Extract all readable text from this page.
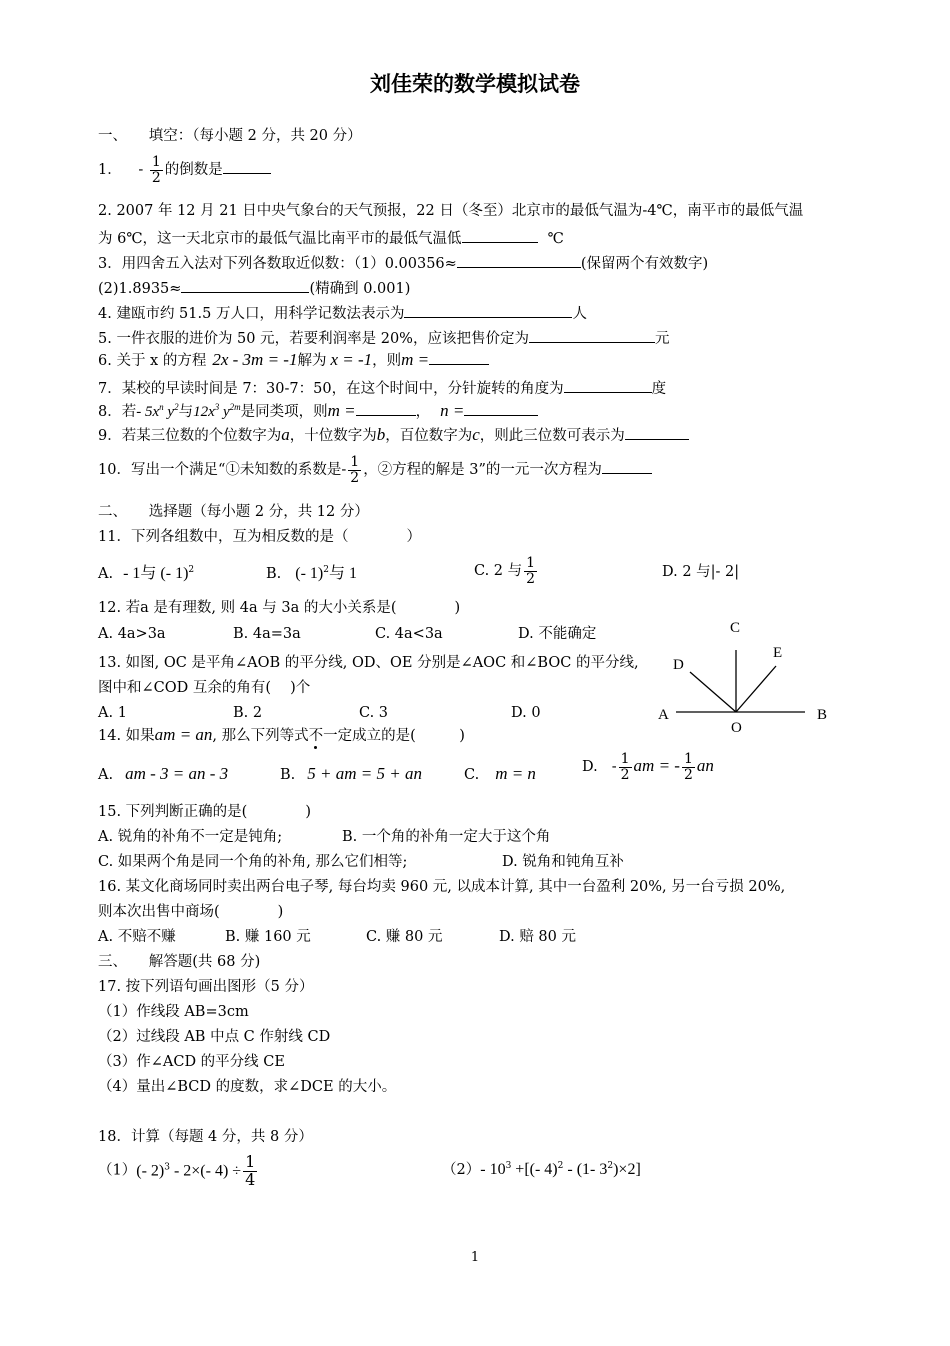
刘佳荣的数学模拟试卷
一、　　填空：（每小题 2 分，共 20 分）
1． - $\frac{1}{2}$ 的倒数是
2. 2007 年 12 月 21 日中央气象台的天气预报，22 日（冬至）北京市的最低气温为-4℃，南平市的最低气温
为 6℃，这一天北京市的最低气温比南平市的最低气温低	℃
3．用四舍五入法对下列各数取近似数：（1）0.00356≈	(保留两个有效数字)
(2)1.8935≈	(精确到 0.001)
4. 建瓯市约 51.5 万人口，用科学记数法表示为	人
5. 一件衣服的进价为 50 元，若要利润率是 20%，应该把售价定为	元
6. 关于 x 的方程 2x - 3m = -1解为 x = -1，则m =
7．某校的早读时间是 7：30-7：50，在这个时间中，分针旋转的角度为	度
8．若- $5x^n$ $y^2$与$12x^3$ $y^{2m}$是同类项，则m =	， n =
9．若某三位数的个位数字为a，十位数字为b，百位数字为c，则此三位数可表示为
10．写出一个满足“①未知数的系数是- $\frac{1}{2}$ ，②方程的解是 3”的一元一次方程为
二、　　选择题（每小题 2 分，共 12 分）
11．下列各组数中，互为相反数的是（　　　　）
A. - 1与 (- 1)$^2$	B. (- 1)$^2$与 1	C. 2 与 $\frac{1}{2}$	D. 2 与|- 2|
12. 若a 是有理数, 则 4a 与 3a 的大小关系是(　　　　)
A. 4a>3a	B. 4a=3a	C. 4a<3a	D. 不能确定
13. 如图, OC 是平角∠AOB 的平分线, OD、OE 分别是∠AOC 和∠BOC 的平分线,
图中和∠COD 互余的角有(　 )个
A. 1	B. 2	C. 3	D. 0
C
D
E
A	B
O
14. 如果am = an, 那么下列等式不一定成立的是(　　　)
A. am - 3 = an - 3	B. 5 + am = 5 + an	C. m = n	D. - $\frac{1}{2}$ am = - $\frac{1}{2}$ an
15. 下列判断正确的是(　　　　)
A. 锐角的补角不一定是钝角;	B. 一个角的补角一定大于这个角
C. 如果两个角是同一个角的补角, 那么它们相等;	D. 锐角和钝角互补
16. 某文化商场同时卖出两台电子琴, 每台均卖 960 元, 以成本计算, 其中一台盈利 20%, 另一台亏损 20%,
则本次出售中商场(　　　　)
A. 不赔不赚	B. 赚 160 元	C. 赚 80 元	D. 赔 80 元
三、　　解答题(共 68 分)
17. 按下列语句画出图形（5 分）
（1）作线段 AB=3cm
（2）过线段 AB 中点 C 作射线 CD
（3）作∠ACD 的平分线 CE
（4）量出∠BCD 的度数，求∠DCE 的大小。
18．计算（每题 4 分，共 8 分）
（1）(- 2)$^3$ - 2×(- $4) \div \frac{1}{4}$	（2）- $10^3$ +[(- 4)$^2$ - (1- $3^2)\times 2$]
1
